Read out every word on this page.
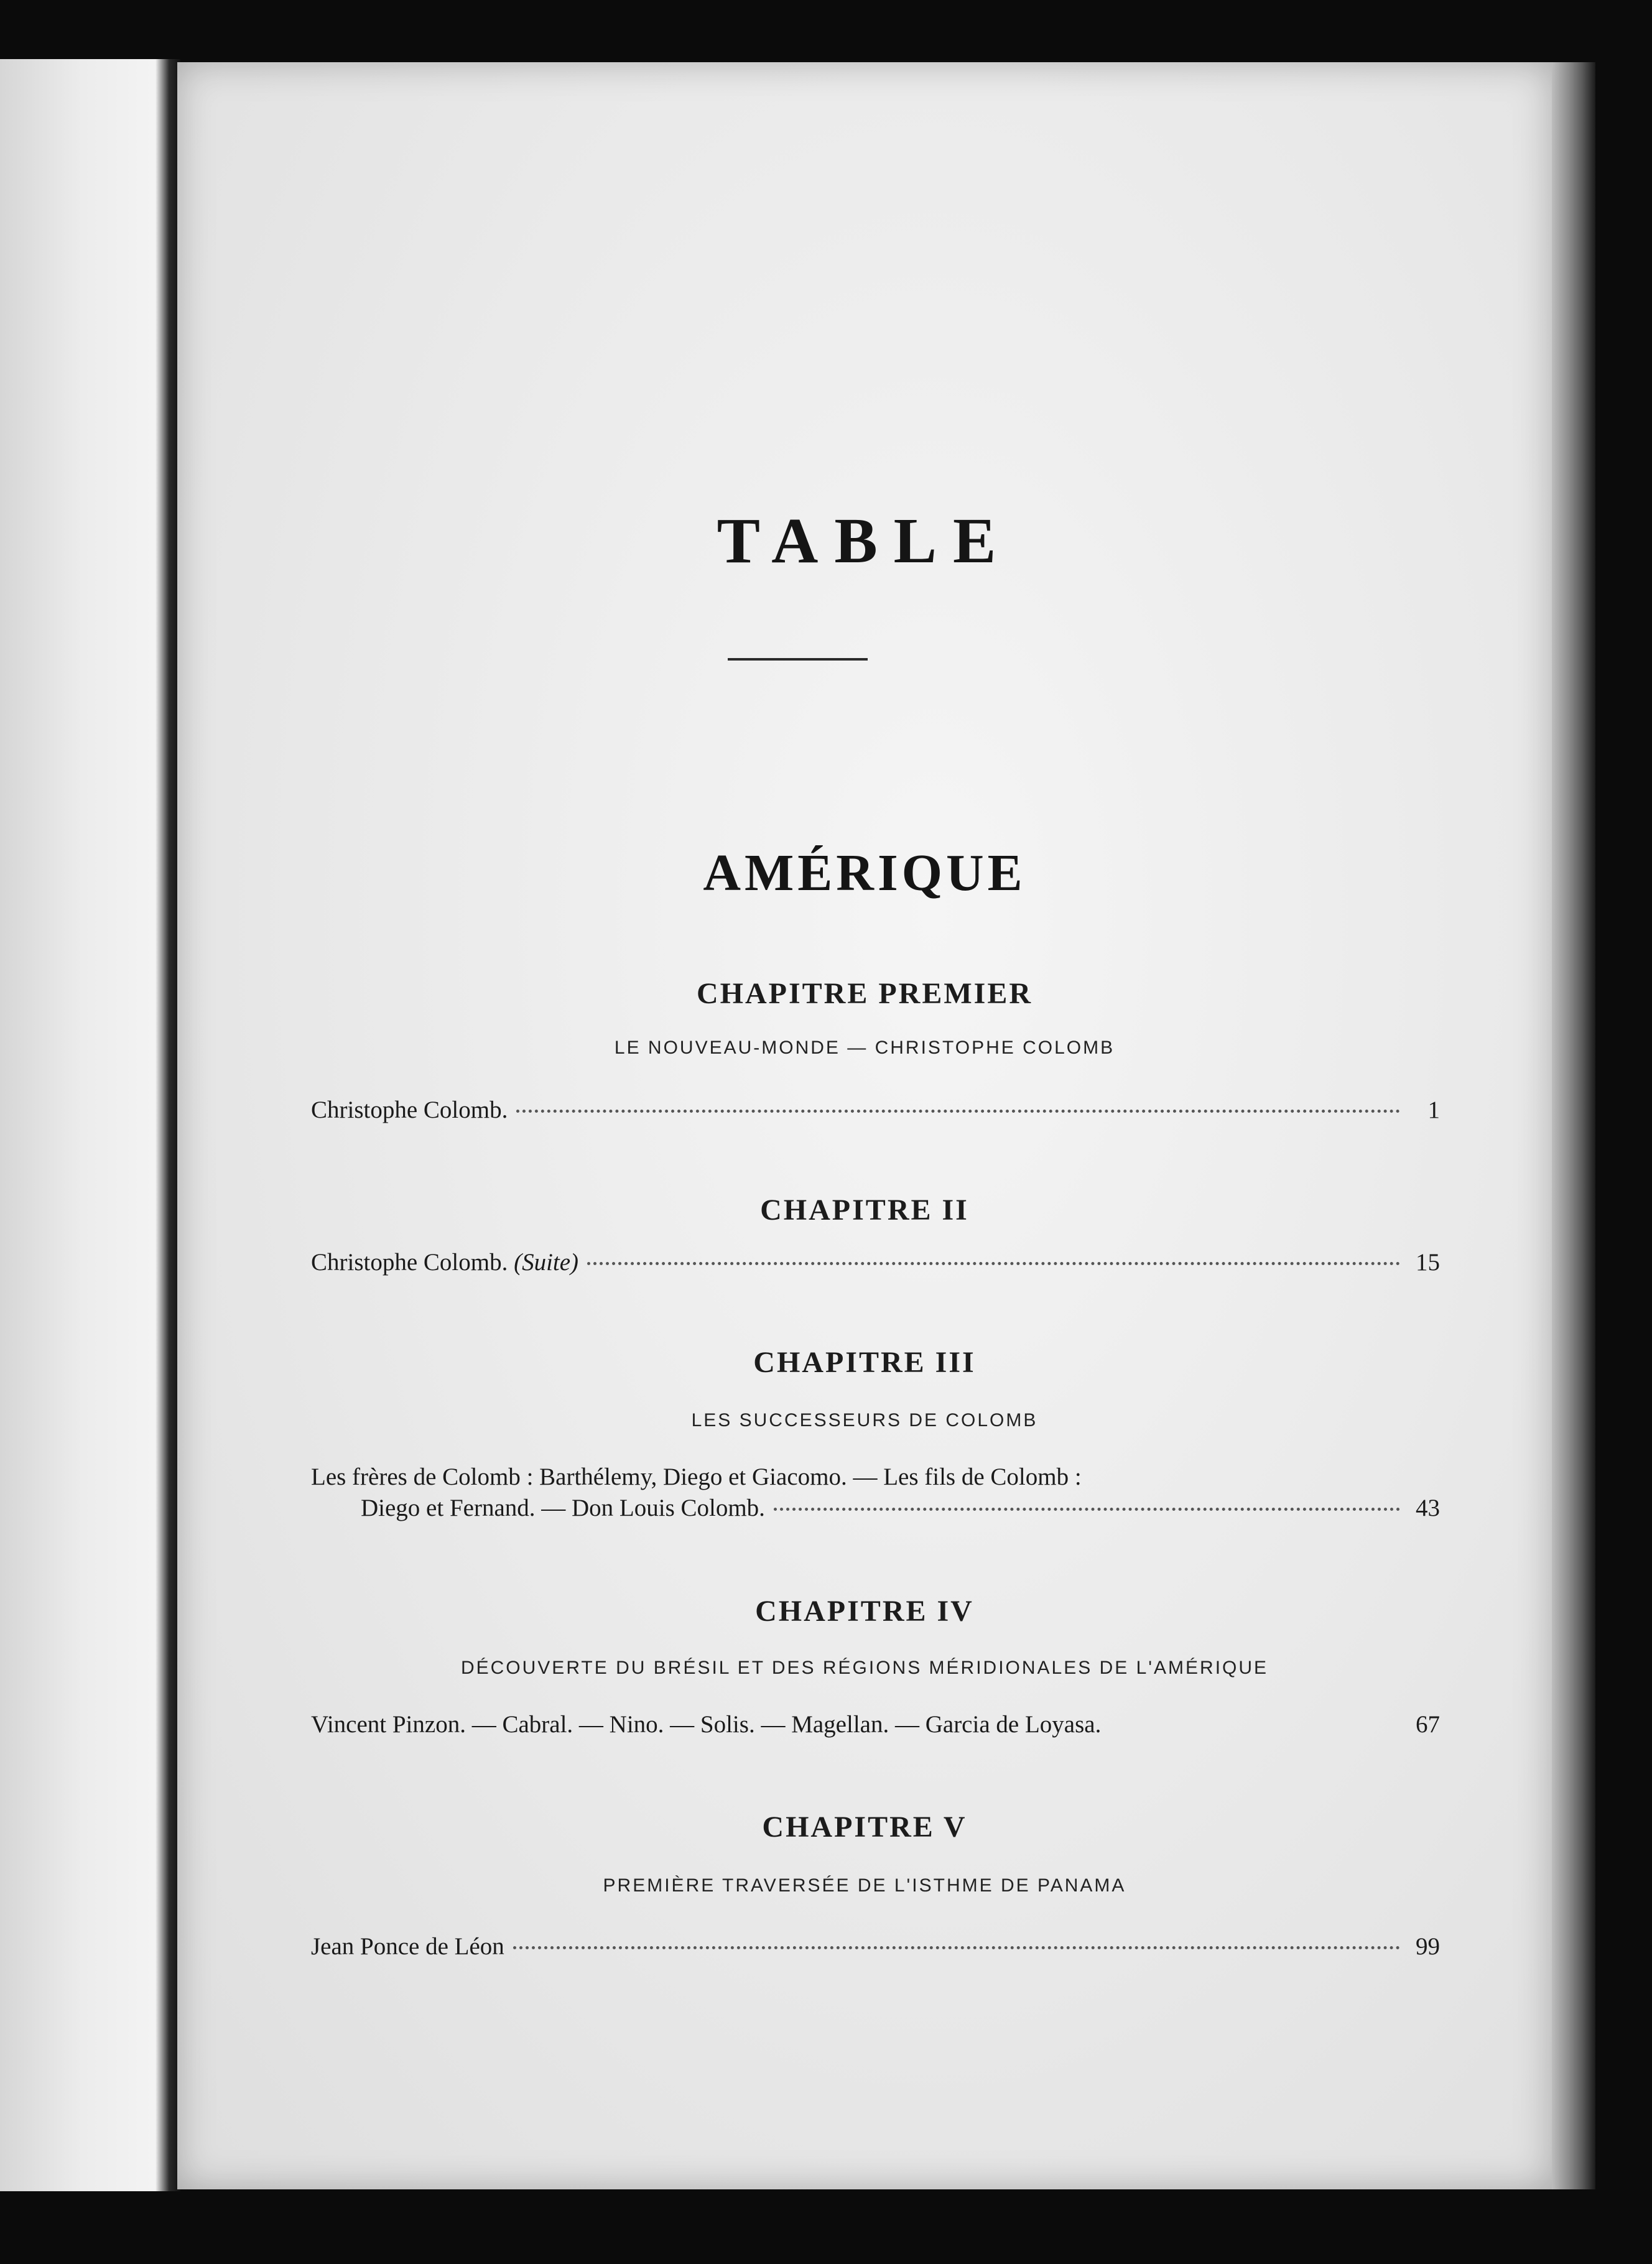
TABLE
AMÉRIQUE
CHAPITRE PREMIER
LE NOUVEAU-MONDE — CHRISTOPHE COLOMB
Christophe Colomb.	1
CHAPITRE II
Christophe Colomb. (Suite)	15
CHAPITRE III
LES SUCCESSEURS DE COLOMB
Les frères de Colomb : Barthélemy, Diego et Giacomo. — Les fils de Colomb :
Diego et Fernand. — Don Louis Colomb.	43
CHAPITRE IV
DÉCOUVERTE DU BRÉSIL ET DES RÉGIONS MÉRIDIONALES DE L'AMÉRIQUE
Vincent Pinzon. — Cabral. — Nino. — Solis. — Magellan. — Garcia de Loyasa.	67
CHAPITRE V
PREMIÈRE TRAVERSÉE DE L'ISTHME DE PANAMA
Jean Ponce de Léon	99
